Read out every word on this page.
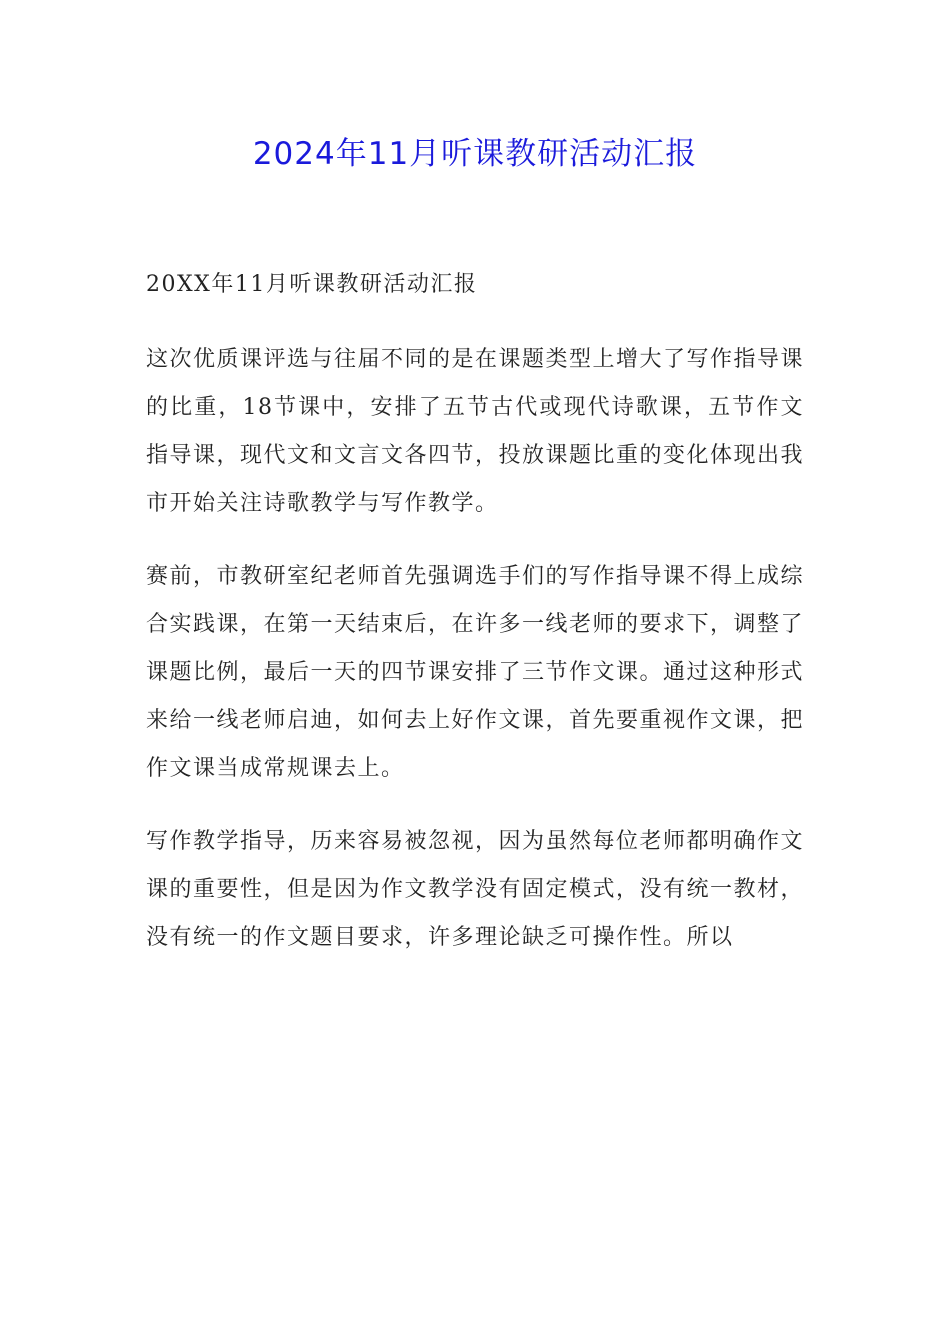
2024年11月听课教研活动汇报

20XX年11月听课教研活动汇报

这次优质课评选与往届不同的是在课题类型上增大了写作指导课的比重，18节课中，安排了五节古代或现代诗歌课，五节作文指导课，现代文和文言文各四节，投放课题比重的变化体现出我市开始关注诗歌教学与写作教学。

赛前，市教研室纪老师首先强调选手们的写作指导课不得上成综合实践课，在第一天结束后，在许多一线老师的要求下，调整了课题比例，最后一天的四节课安排了三节作文课。通过这种形式来给一线老师启迪，如何去上好作文课，首先要重视作文课，把作文课当成常规课去上。

写作教学指导，历来容易被忽视，因为虽然每位老师都明确作文课的重要性，但是因为作文教学没有固定模式，没有统一教材，没有统一的作文题目要求，许多理论缺乏可操作性。所以
